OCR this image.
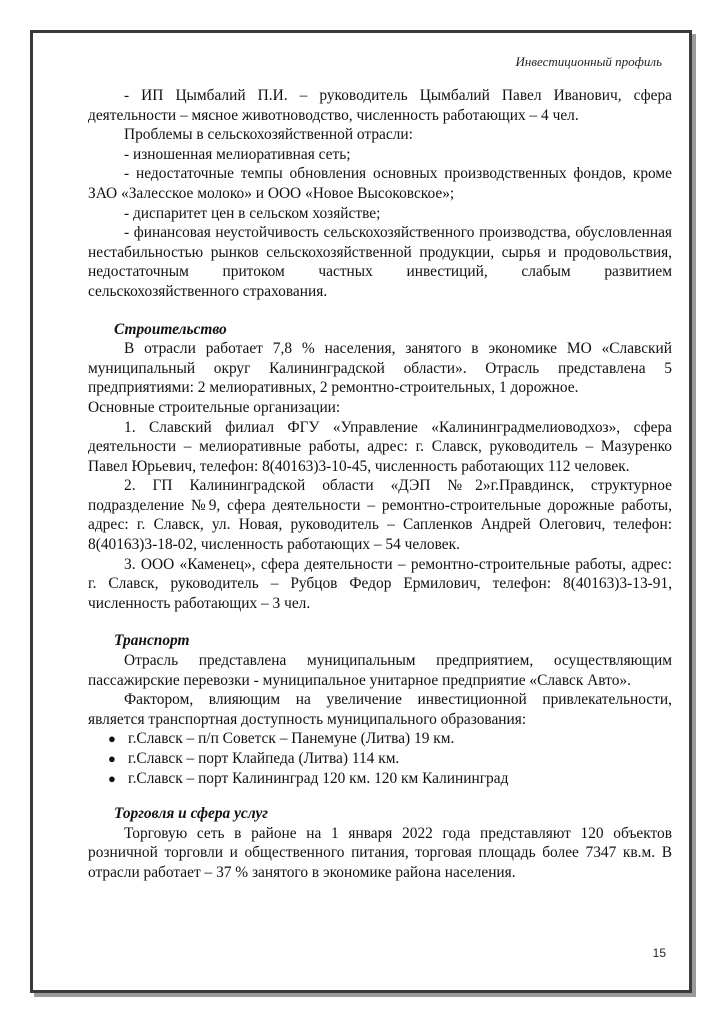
Инвестиционный профиль

- ИП Цымбалий П.И. – руководитель Цымбалий Павел Иванович, сфера деятельности – мясное животноводство, численность работающих – 4 чел.

Проблемы в сельскохозяйственной отрасли:

- изношенная мелиоративная сеть;

- недостаточные темпы обновления основных производственных фондов, кроме ЗАО «Залесское молоко» и ООО «Новое Высоковское»;

- диспаритет цен в сельском хозяйстве;

- финансовая неустойчивость сельскохозяйственного производства, обусловленная нестабильностью рынков сельскохозяйственной продукции, сырья и продовольствия, недостаточным притоком частных инвестиций, слабым развитием сельскохозяйственного страхования.

Строительство

В отрасли работает 7,8 % населения, занятого в экономике МО «Славский муниципальный округ Калининградской области». Отрасль представлена 5 предприятиями: 2 мелиоративных, 2 ремонтно-строительных, 1 дорожное.

Основные строительные организации:

1. Славский филиал ФГУ «Управление «Калининградмелиоводхоз», сфера деятельности – мелиоративные работы, адрес: г. Славск, руководитель – Мазуренко Павел Юрьевич, телефон: 8(40163)3-10-45, численность работающих 112 человек.

2. ГП Калининградской области «ДЭП №2»г.Правдинск, структурное подразделение №9, сфера деятельности – ремонтно-строительные дорожные работы, адрес: г. Славск, ул. Новая, руководитель – Сапленков Андрей Олегович, телефон: 8(40163)3-18-02, численность работающих – 54 человек.

3. ООО «Каменец», сфера деятельности – ремонтно-строительные работы, адрес: г. Славск, руководитель – Рубцов Федор Ермилович, телефон: 8(40163)3-13-91, численность работающих – 3 чел.

Транспорт

Отрасль представлена муниципальным предприятием, осуществляющим пассажирские перевозки - муниципальное унитарное предприятие «Славск Авто».

Фактором, влияющим на увеличение инвестиционной привлекательности, является транспортная доступность муниципального образования:

● г.Славск – п/п Советск – Панемуне (Литва) 19 км.
● г.Славск – порт Клайпеда (Литва) 114 км.
● г.Славск – порт Калининград 120 км. 120 км Калининград

Торговля и сфера услуг

Торговую сеть в районе на 1 января 2022 года представляют 120 объектов розничной торговли и общественного питания, торговая площадь более 7347 кв.м. В отрасли работает – 37 % занятого в экономике района населения.

15
